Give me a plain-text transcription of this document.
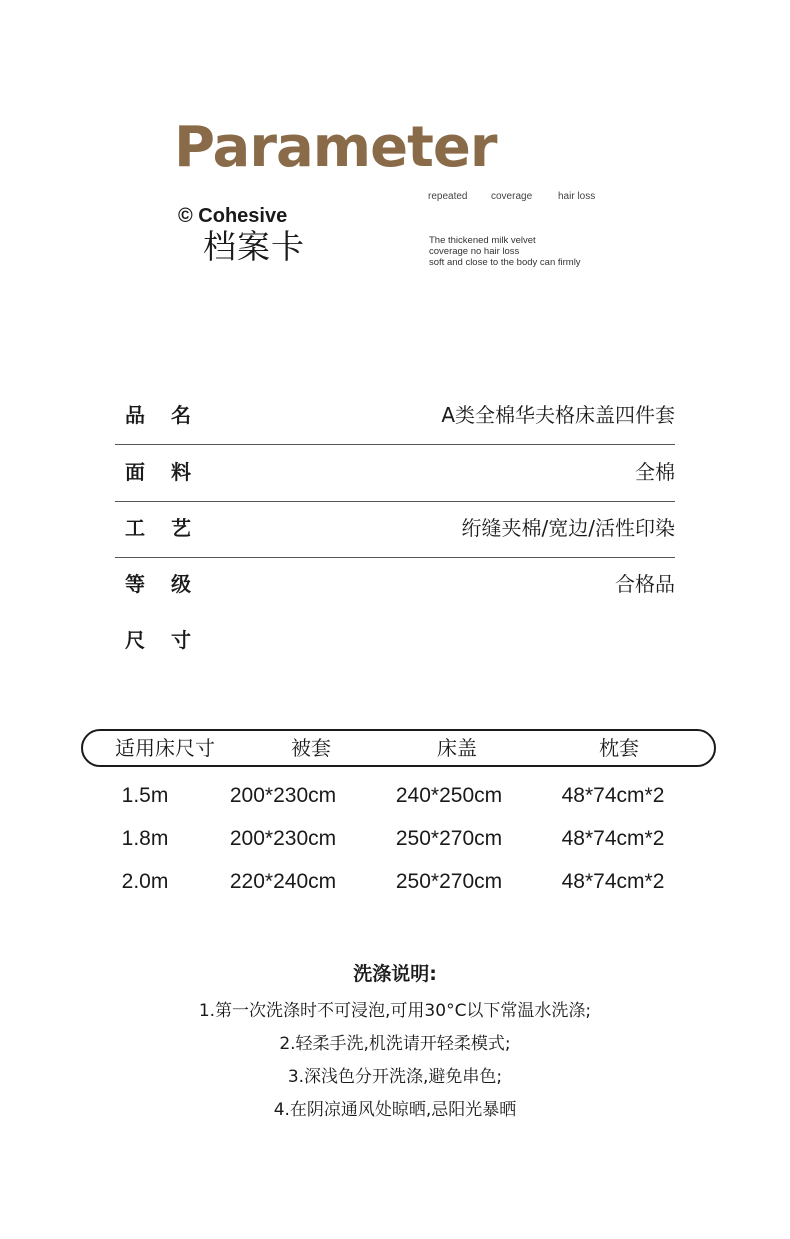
Parameter
repeated coverage	hair loss
© Cohesive
档案卡	The thickened milk velvet
coverage no hair loss
soft and close to the body can firmly
品名	A类全棉华夫格床盖四件套
面料	全棉
工艺	绗缝夹棉/宽边/活性印染
等级	合格品
尺寸
适用床尺寸	被套	床盖	枕套
1.5m	200*230cm	240*250cm	48*74cm*2
1.8m	200*230cm	250*270cm	48*74cm*2
2.0m	220*240cm	250*270cm	48*74cm*2
洗涤说明:
1.第一次洗涤时不可浸泡,可用30°C以下常温水洗涤;
2.轻柔手洗,机洗请开轻柔模式;
3.深浅色分开洗涤,避免串色;
4.在阴凉通风处晾晒,忌阳光暴晒
